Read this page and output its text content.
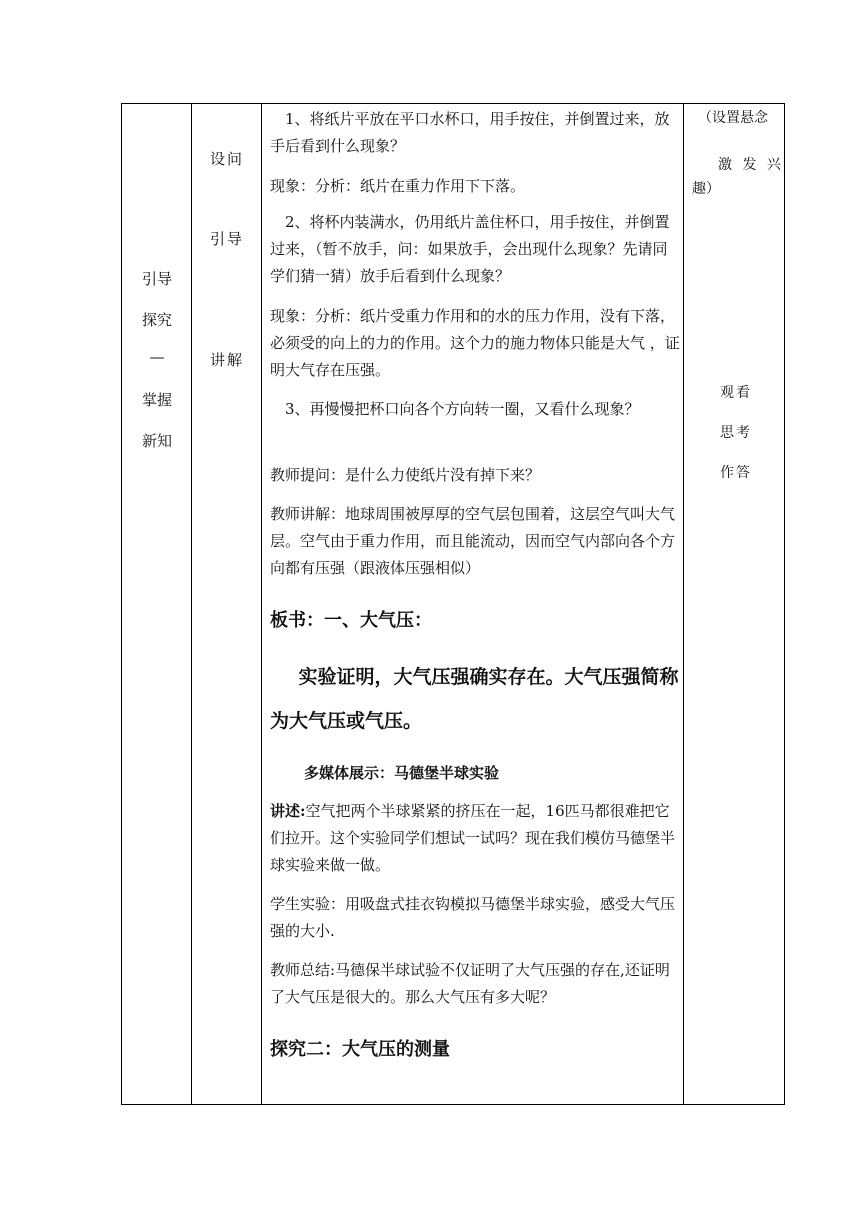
引导
探究
—
掌握
新知
设问
引导
讲解
1、将纸片平放在平口水杯口，用手按住，并倒置过来，放手后看到什么现象？
现象：分析：纸片在重力作用下下落。
2、将杯内装满水，仍用纸片盖住杯口，用手按住，并倒置过来，（暂不放手，问：如果放手，会出现什么现象？先请同学们猜一猜）放手后看到什么现象？
现象：分析：纸片受重力作用和的水的压力作用，没有下落，必须受的向上的力的作用。这个力的施力物体只能是大气 ，证明大气存在压强。
3、再慢慢把杯口向各个方向转一圈，又看什么现象？
教师提问：是什么力使纸片没有掉下来？
教师讲解：地球周围被厚厚的空气层包围着，这层空气叫大气层。空气由于重力作用，而且能流动，因而空气内部向各个方向都有压强（跟液体压强相似）
板书：一、大气压：
实验证明，大气压强确实存在。大气压强简称为大气压或气压。
多媒体展示：马德堡半球实验
讲述:空气把两个半球紧紧的挤压在一起，16匹马都很难把它们拉开。这个实验同学们想试一试吗？现在我们模仿马德堡半球实验来做一做。
学生实验：用吸盘式挂衣钩模拟马德堡半球实验，感受大气压强的大小.
教师总结:马德保半球试验不仅证明了大气压强的存在,还证明了大气压是很大的。那么大气压有多大呢？
探究二：大气压的测量
（设置悬念
激 发 兴
趣）
观看
思考
作答
